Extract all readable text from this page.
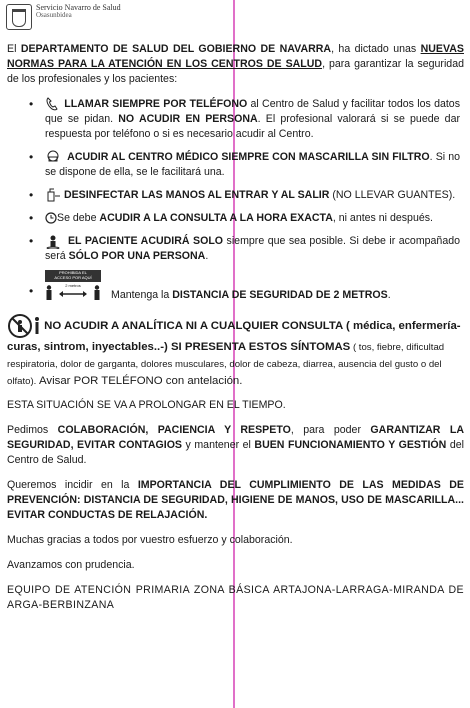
Servicio Navarro de Salud
Osasunbidea

El DEPARTAMENTO DE SALUD DEL GOBIERNO DE NAVARRA, ha dictado unas NUEVAS NORMAS PARA LA ATENCIÓN EN LOS CENTROS DE SALUD, para garantizar la seguridad de los profesionales y los pacientes:

•	LLAMAR SIEMPRE POR TELÉFONO al Centro de Salud y facilitar todos los datos que se pidan. NO ACUDIR EN PERSONA. El profesional valorará si se puede dar respuesta por teléfono o si es necesario acudir al Centro.

•	ACUDIR AL CENTRO MÉDICO SIEMPRE CON MASCARILLA SIN FILTRO. Si no se dispone de ella, se le facilitará una.

•	DESINFECTAR LAS MANOS AL ENTRAR Y AL SALIR (NO LLEVAR GUANTES).

•	Se debe ACUDIR A LA CONSULTA A LA HORA EXACTA, ni antes ni después.

•	EL PACIENTE ACUDIRÁ SOLO siempre que sea posible. Si debe ir acompañado será SÓLO POR UNA PERSONA.

•
PROHIBIDA EL
ACCESO POR AQUÍ
2 metros

Mantenga la DISTANCIA DE SEGURIDAD DE 2 METROS.

NO ACUDIR A ANALÍTICA NI A CUALQUIER CONSULTA ( médica, enfermería- curas, sintrom, inyectables..-) SI PRESENTA ESTOS SÍNTOMAS ( tos, fiebre, dificultad respiratoria, dolor de garganta, dolores musculares, dolor de cabeza, diarrea, ausencia del gusto o del olfato). Avisar POR TELÉFONO con antelación.

ESTA SITUACIÓN SE VA A PROLONGAR EN EL TIEMPO.

Pedimos COLABORACIÓN, PACIENCIA Y RESPETO, para poder GARANTIZAR LA SEGURIDAD, EVITAR CONTAGIOS y mantener el BUEN FUNCIONAMIENTO Y GESTIÓN del Centro de Salud.

Queremos incidir en la IMPORTANCIA DEL CUMPLIMIENTO DE LAS MEDIDAS DE PREVENCIÓN: DISTANCIA DE SEGURIDAD, HIGIENE DE MANOS, USO DE MASCARILLA... EVITAR CONDUCTAS DE RELAJACIÓN.

Muchas gracias a todos por vuestro esfuerzo y colaboración.

Avanzamos con prudencia.

EQUIPO DE ATENCIÓN PRIMARIA ZONA BÁSICA ARTAJONA-LARRAGA-MIRANDA DE ARGA-BERBINZANA
